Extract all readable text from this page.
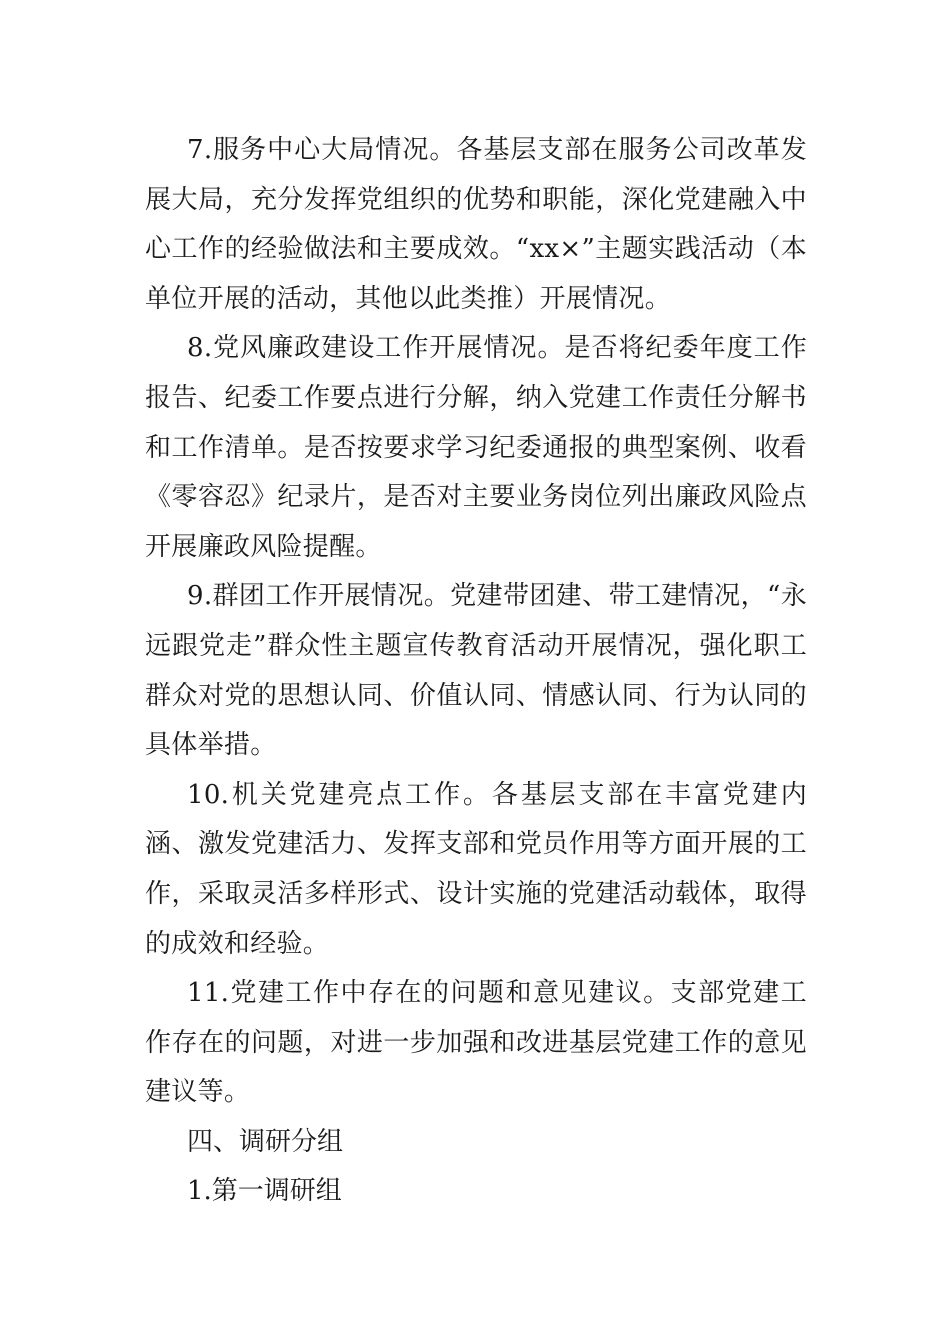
7.服务中心大局情况。各基层支部在服务公司改革发展大局，充分发挥党组织的优势和职能，深化党建融入中心工作的经验做法和主要成效。“xx×”主题实践活动（本单位开展的活动，其他以此类推）开展情况。

8.党风廉政建设工作开展情况。是否将纪委年度工作报告、纪委工作要点进行分解，纳入党建工作责任分解书和工作清单。是否按要求学习纪委通报的典型案例、收看《零容忍》纪录片，是否对主要业务岗位列出廉政风险点开展廉政风险提醒。

9.群团工作开展情况。党建带团建、带工建情况，“永远跟党走”群众性主题宣传教育活动开展情况，强化职工群众对党的思想认同、价值认同、情感认同、行为认同的具体举措。

10.机关党建亮点工作。各基层支部在丰富党建内涵、激发党建活力、发挥支部和党员作用等方面开展的工作，采取灵活多样形式、设计实施的党建活动载体，取得的成效和经验。

11.党建工作中存在的问题和意见建议。支部党建工作存在的问题，对进一步加强和改进基层党建工作的意见建议等。

四、调研分组

1.第一调研组
